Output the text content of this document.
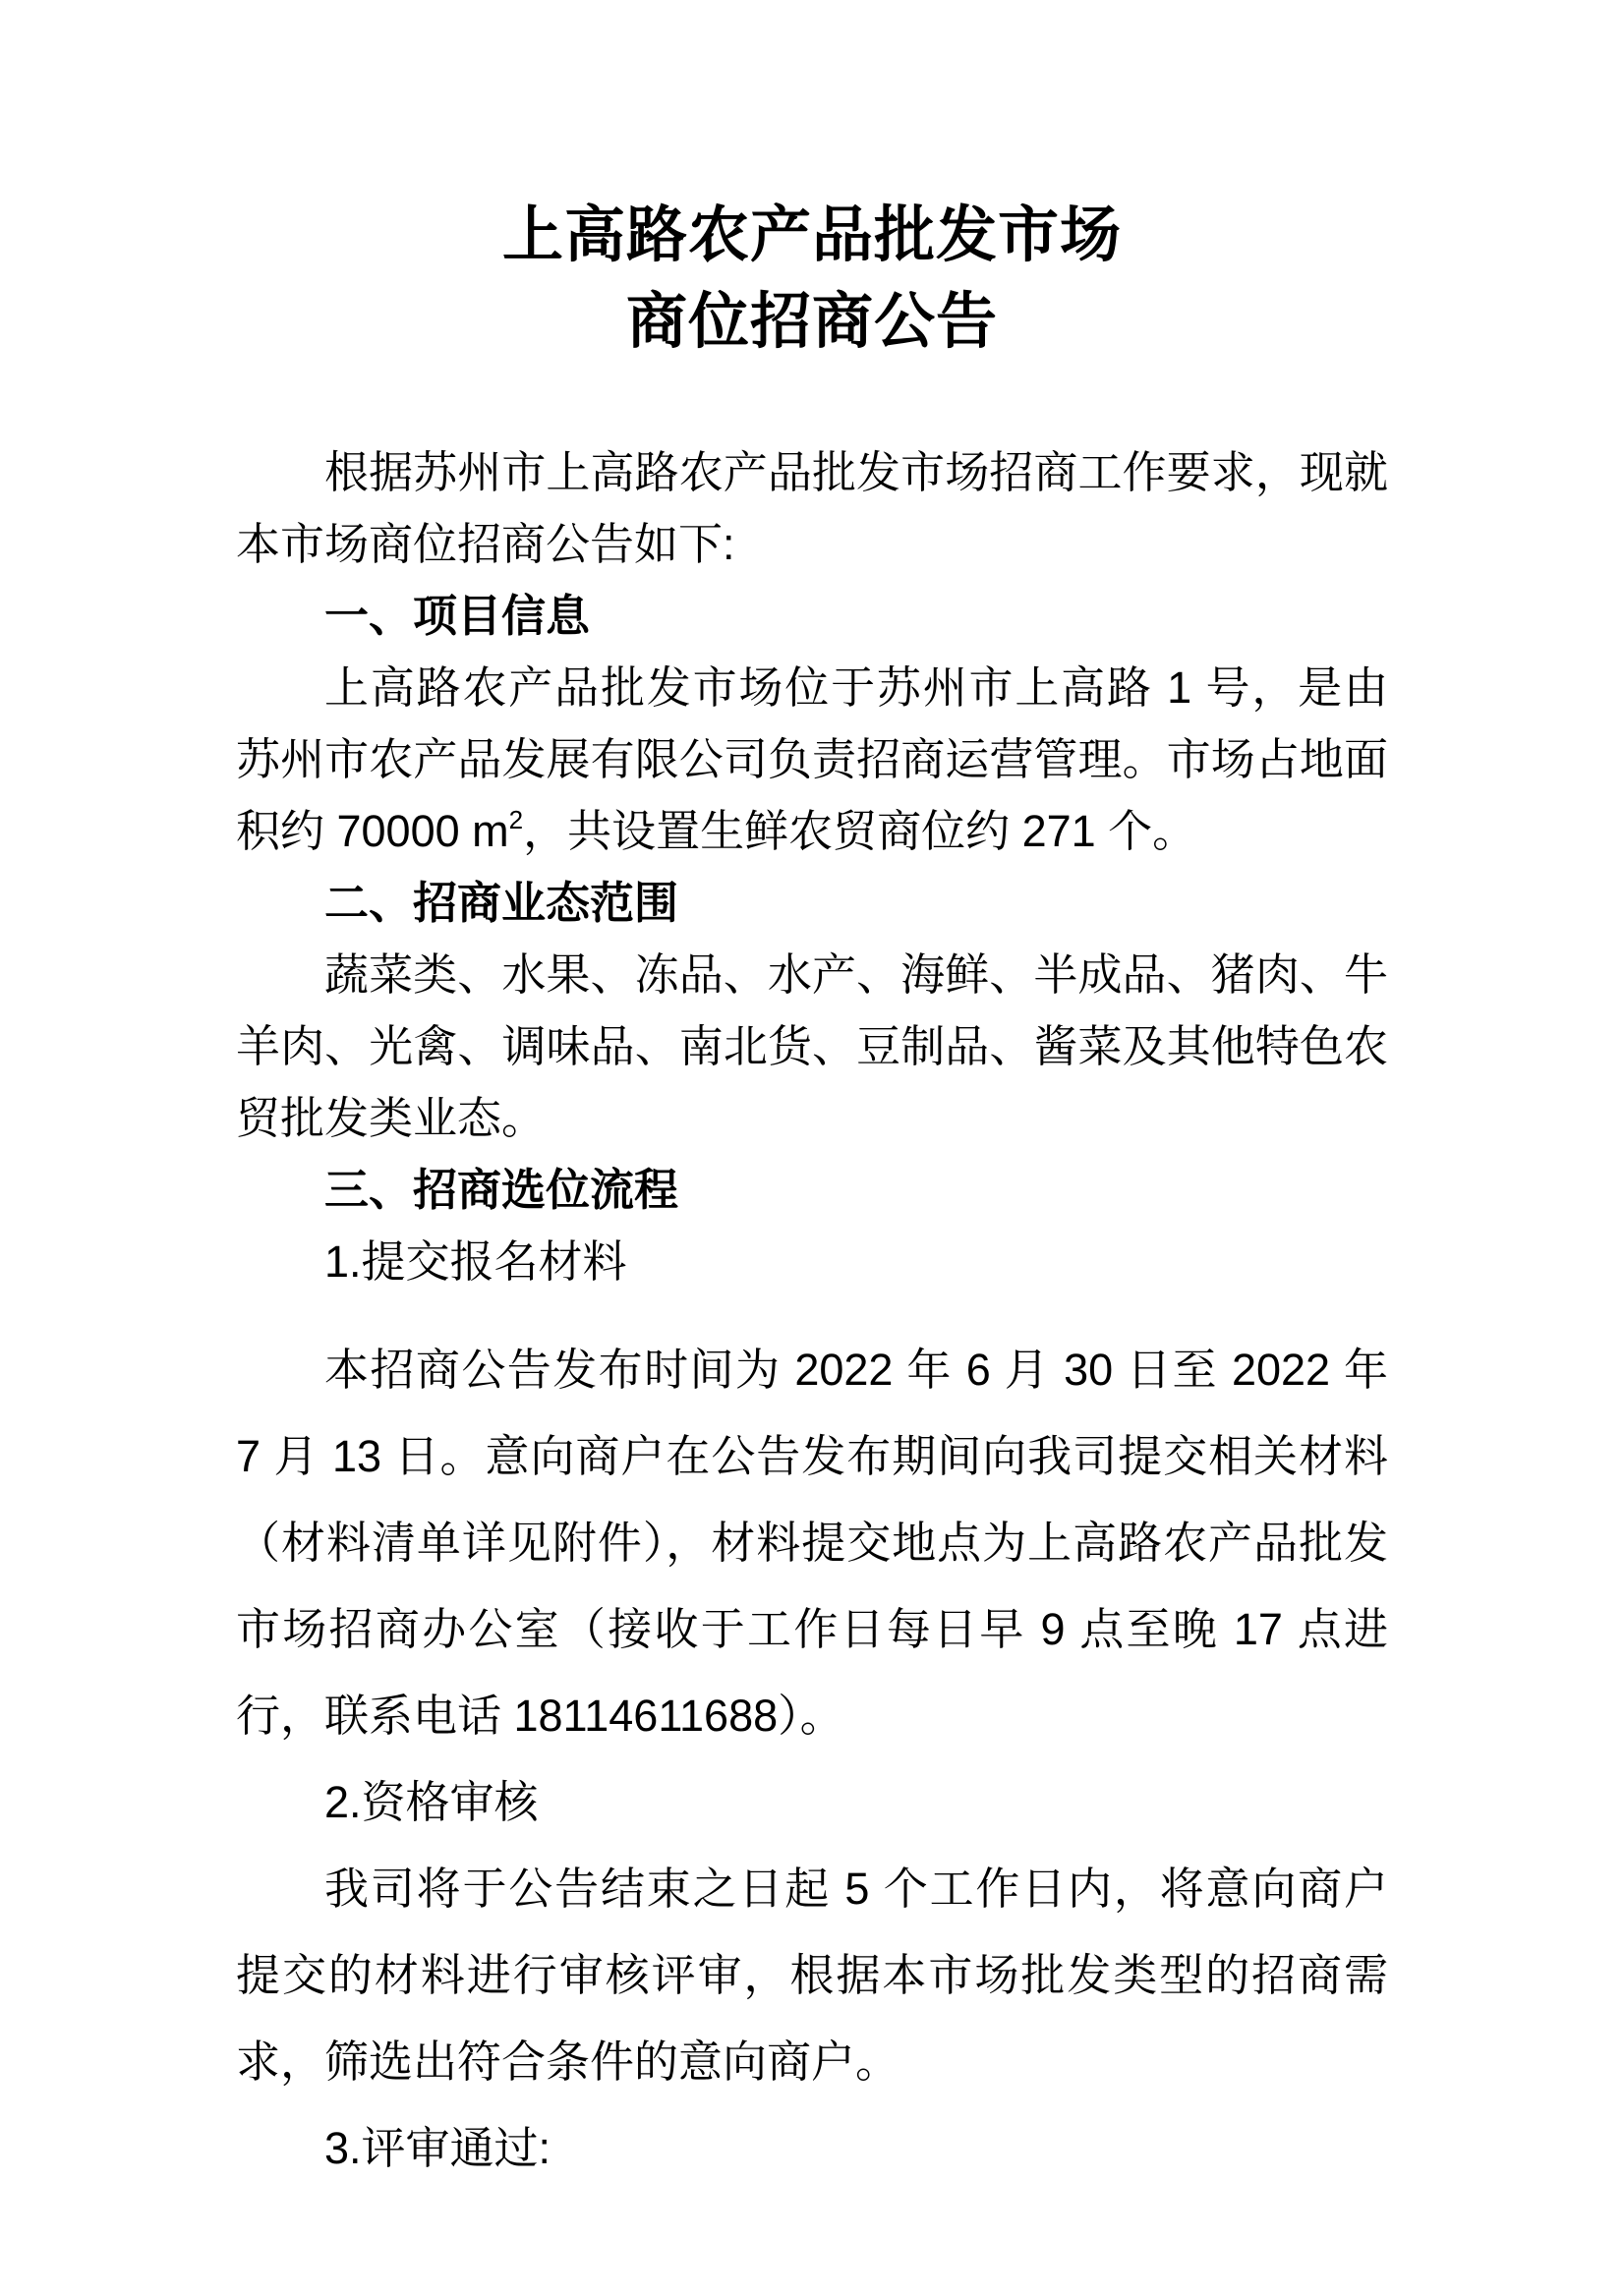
上高路农产品批发市场
商位招商公告

根据苏州市上高路农产品批发市场招商工作要求，现就本市场商位招商公告如下:

一、项目信息

上高路农产品批发市场位于苏州市上高路 1 号，是由苏州市农产品发展有限公司负责招商运营管理。市场占地面积约 70000 $m^2$，共设置生鲜农贸商位约 271 个。

二、招商业态范围

蔬菜类、水果、冻品、水产、海鲜、半成品、猪肉、牛羊肉、光禽、调味品、南北货、豆制品、酱菜及其他特色农贸批发类业态。

三、招商选位流程

1.提交报名材料

本招商公告发布时间为 2022 年 6 月 30 日至 2022 年 7 月 13 日。意向商户在公告发布期间向我司提交相关材料（材料清单详见附件），材料提交地点为上高路农产品批发市场招商办公室（接收于工作日每日早 9 点至晚 17 点进行，联系电话 18114611688）。

2.资格审核

我司将于公告结束之日起 5 个工作日内，将意向商户提交的材料进行审核评审，根据本市场批发类型的招商需求，筛选出符合条件的意向商户。

3.评审通过:
